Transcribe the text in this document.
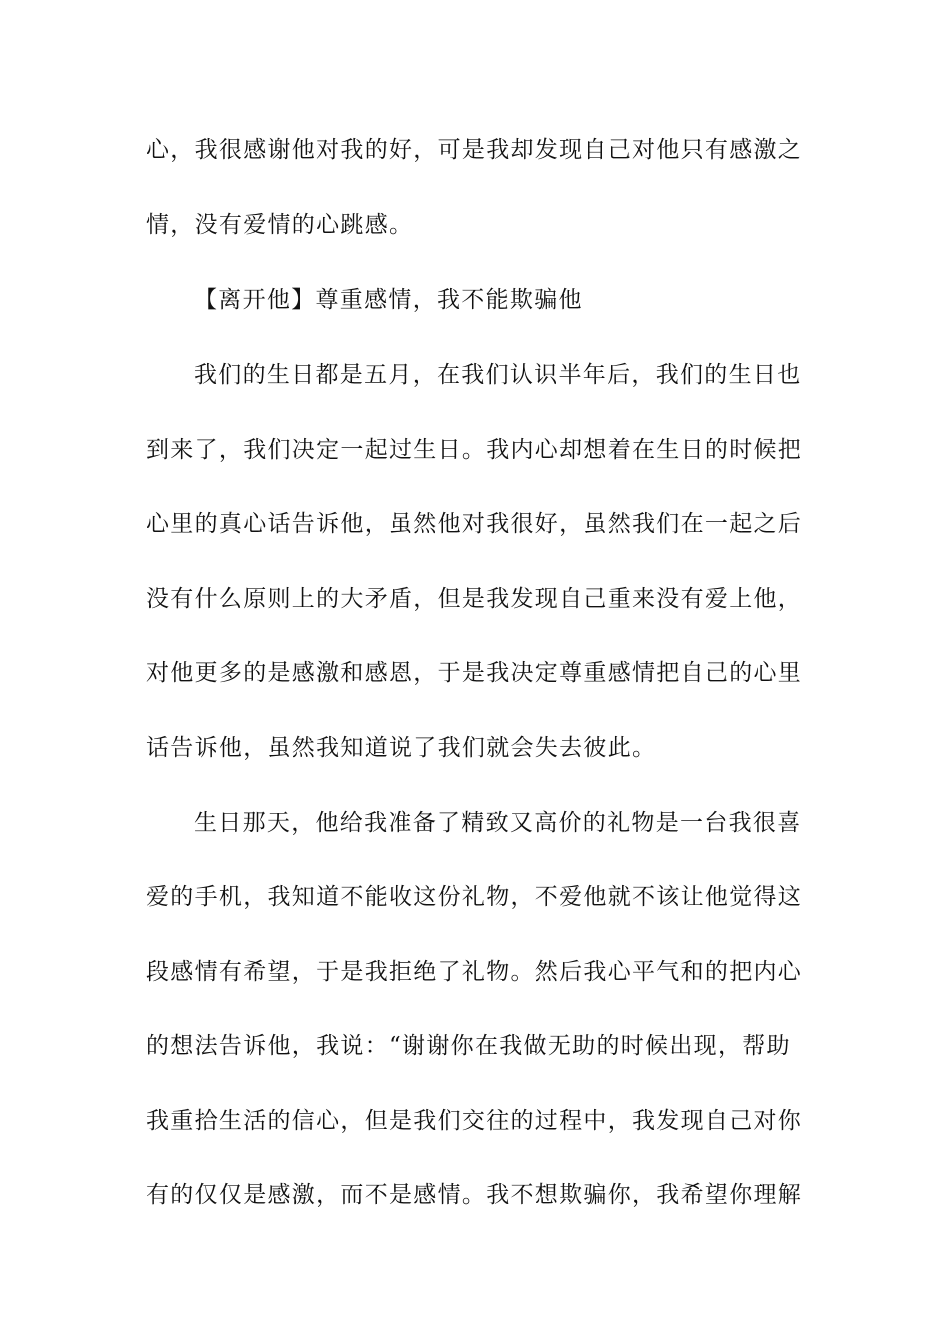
心，我很感谢他对我的好，可是我却发现自己对他只有感激之
情，没有爱情的心跳感。
【离开他】尊重感情，我不能欺骗他
我们的生日都是五月，在我们认识半年后，我们的生日也
到来了，我们决定一起过生日。我内心却想着在生日的时候把
心里的真心话告诉他，虽然他对我很好，虽然我们在一起之后
没有什么原则上的大矛盾，但是我发现自己重来没有爱上他，
对他更多的是感激和感恩，于是我决定尊重感情把自己的心里
话告诉他，虽然我知道说了我们就会失去彼此。
生日那天，他给我准备了精致又高价的礼物是一台我很喜
爱的手机，我知道不能收这份礼物，不爱他就不该让他觉得这
段感情有希望，于是我拒绝了礼物。然后我心平气和的把内心
的想法告诉他，我说：“谢谢你在我做无助的时候出现，帮助
我重拾生活的信心，但是我们交往的过程中，我发现自己对你
有的仅仅是感激，而不是感情。我不想欺骗你，我希望你理解
